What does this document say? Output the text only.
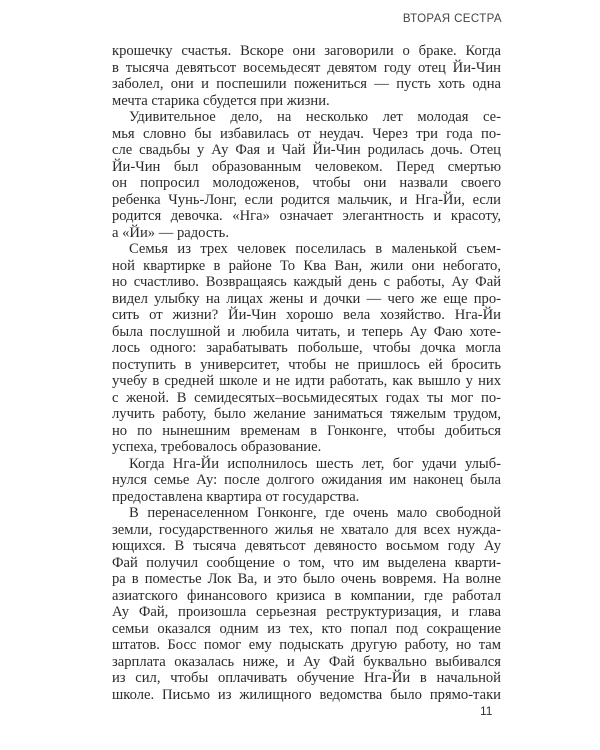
ВТОРАЯ СЕСТРА
крошечку счастья. Вскоре они заговорили о браке. Когда
в тысяча девятьсот восемьдесят девятом году отец Йи-Чин
заболел, они и поспешили пожениться — пусть хоть одна
мечта старика сбудется при жизни.
Удивительное дело, на несколько лет молодая се-
мья словно бы избавилась от неудач. Через три года по-
сле свадьбы у Ау Фая и Чай Йи-Чин родилась дочь. Отец
Йи-Чин был образованным человеком. Перед смертью
он попросил молодоженов, чтобы они назвали своего
ребенка Чунь-Лонг, если родится мальчик, и Нга-Йи, если
родится девочка. «Нга» означает элегантность и красоту,
а «Йи» — радость.
Семья из трех человек поселилась в маленькой съем-
ной квартирке в районе То Ква Ван, жили они небогато,
но счастливо. Возвращаясь каждый день с работы, Ау Фай
видел улыбку на лицах жены и дочки — чего же еще про-
сить от жизни? Йи-Чин хорошо вела хозяйство. Нга-Йи
была послушной и любила читать, и теперь Ау Фаю хоте-
лось одного: зарабатывать побольше, чтобы дочка могла
поступить в университет, чтобы не пришлось ей бросить
учебу в средней школе и не идти работать, как вышло у них
с женой. В семидесятых–восьмидесятых годах ты мог по-
лучить работу, было желание заниматься тяжелым трудом,
но по нынешним временам в Гонконге, чтобы добиться
успеха, требовалось образование.
Когда Нга-Йи исполнилось шесть лет, бог удачи улыб-
нулся семье Ау: после долгого ожидания им наконец была
предоставлена квартира от государства.
В перенаселенном Гонконге, где очень мало свободной
земли, государственного жилья не хватало для всех нужда-
ющихся. В тысяча девятьсот девяносто восьмом году Ау
Фай получил сообщение о том, что им выделена кварти-
ра в поместье Лок Ва, и это было очень вовремя. На волне
азиатского финансового кризиса в компании, где работал
Ау Фай, произошла серьезная реструктуризация, и глава
семьи оказался одним из тех, кто попал под сокращение
штатов. Босс помог ему подыскать другую работу, но там
зарплата оказалась ниже, и Ау Фай буквально выбивался
из сил, чтобы оплачивать обучение Нга-Йи в начальной
школе. Письмо из жилищного ведомства было прямо-таки
11
